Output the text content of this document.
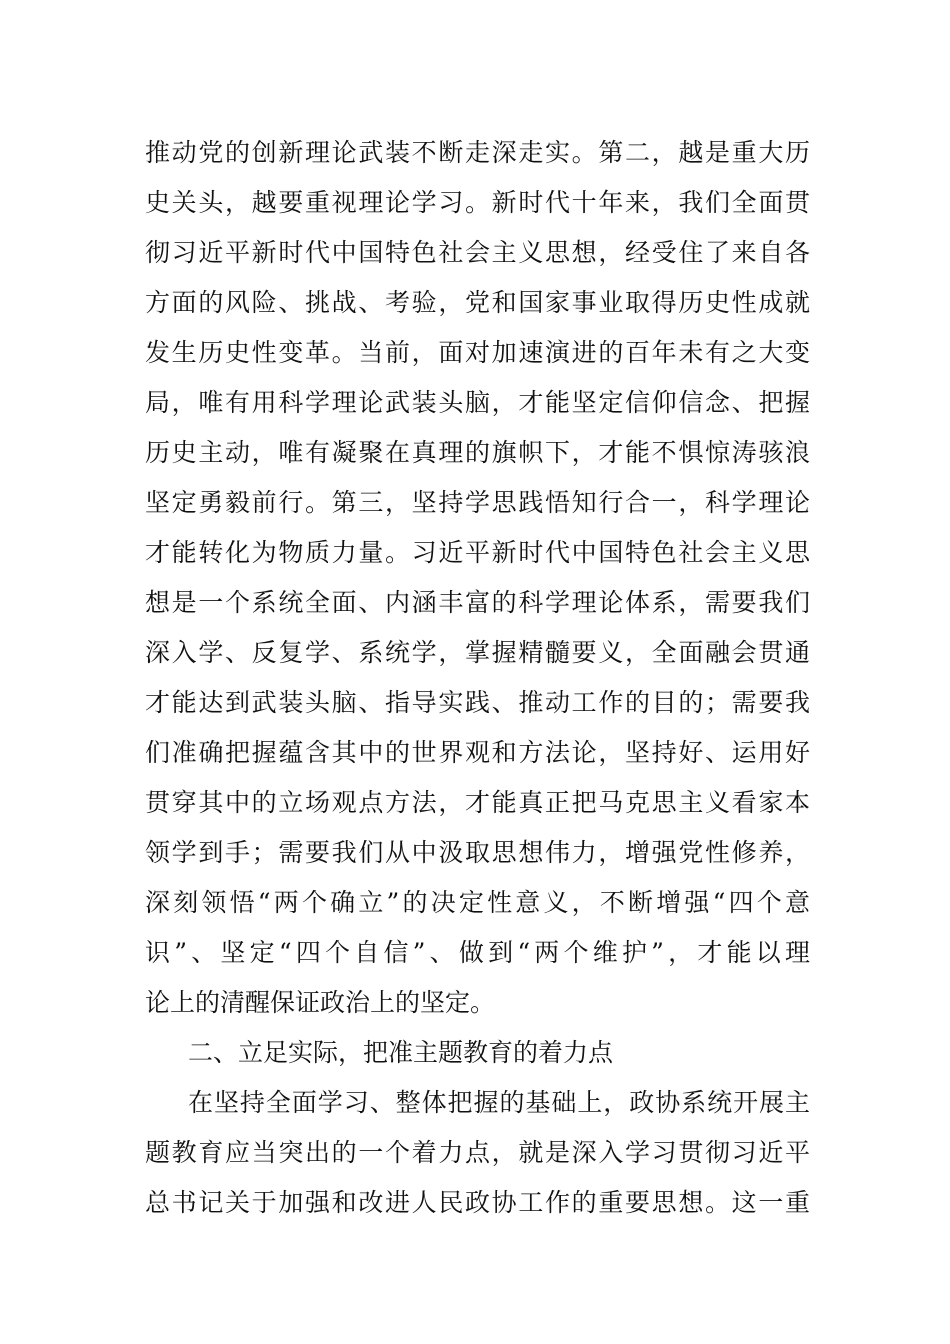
推动党的创新理论武装不断走深走实。第二，越是重大历
史关头，越要重视理论学习。新时代十年来，我们全面贯
彻习近平新时代中国特色社会主义思想，经受住了来自各
方面的风险、挑战、考验，党和国家事业取得历史性成就
发生历史性变革。当前，面对加速演进的百年未有之大变
局，唯有用科学理论武装头脑，才能坚定信仰信念、把握
历史主动，唯有凝聚在真理的旗帜下，才能不惧惊涛骇浪
坚定勇毅前行。第三，坚持学思践悟知行合一，科学理论
才能转化为物质力量。习近平新时代中国特色社会主义思
想是一个系统全面、内涵丰富的科学理论体系，需要我们
深入学、反复学、系统学，掌握精髓要义，全面融会贯通
才能达到武装头脑、指导实践、推动工作的目的；需要我
们准确把握蕴含其中的世界观和方法论，坚持好、运用好
贯穿其中的立场观点方法，才能真正把马克思主义看家本
领学到手；需要我们从中汲取思想伟力，增强党性修养，
深刻领悟“两个确立”的决定性意义，不断增强“四个意
识”、坚定“四个自信”、做到“两个维护”，才能以理
论上的清醒保证政治上的坚定。
二、立足实际，把准主题教育的着力点
在坚持全面学习、整体把握的基础上，政协系统开展主
题教育应当突出的一个着力点，就是深入学习贯彻习近平
总书记关于加强和改进人民政协工作的重要思想。这一重
